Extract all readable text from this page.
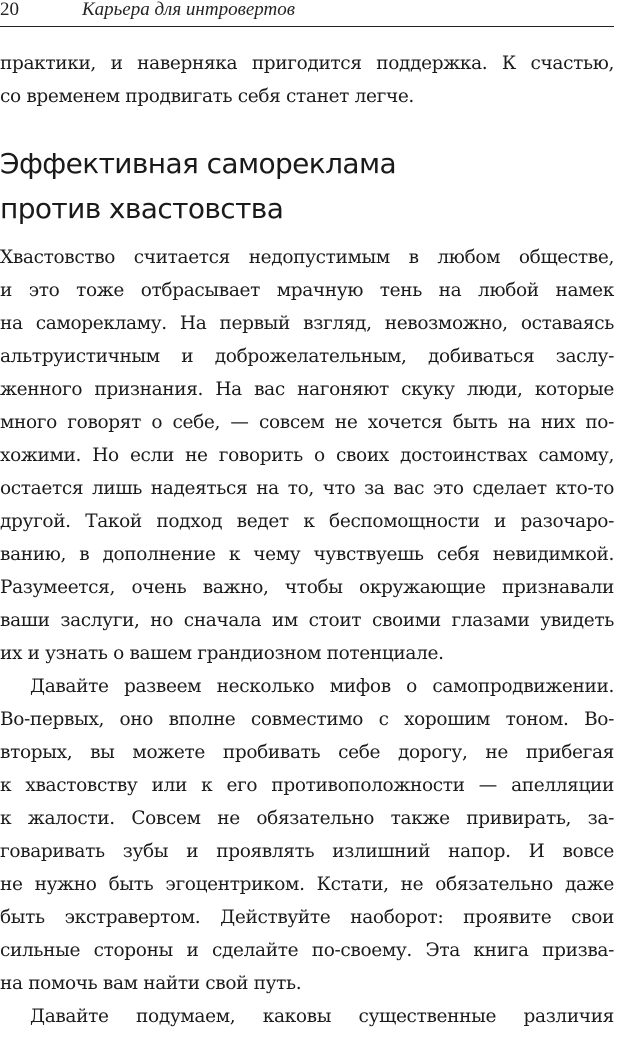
20	Карьера для интровертов
практики, и наверняка пригодится поддержка. К счастью,
со временем продвигать себя станет легче.
Эффективная самореклама
против хвастовства
Хвастовство считается недопустимым в любом обществе,
и это тоже отбрасывает мрачную тень на любой намек
на саморекламу. На первый взгляд, невозможно, оставаясь
альтруистичным и доброжелательным, добиваться заслу-
женного признания. На вас нагоняют скуку люди, которые
много говорят о себе, — совсем не хочется быть на них по-
хожими. Но если не говорить о своих достоинствах самому,
остается лишь надеяться на то, что за вас это сделает кто-то
другой. Такой подход ведет к беспомощности и разочаро-
ванию, в дополнение к чему чувствуешь себя невидимкой.
Разумеется, очень важно, чтобы окружающие признавали
ваши заслуги, но сначала им стоит своими глазами увидеть
их и узнать о вашем грандиозном потенциале.
Давайте развеем несколько мифов о самопродвижении.
Во-первых, оно вполне совместимо с хорошим тоном. Во-
вторых, вы можете пробивать себе дорогу, не прибегая
к хвастовству или к его противоположности — апелляции
к жалости. Совсем не обязательно также привирать, за-
говаривать зубы и проявлять излишний напор. И вовсе
не нужно быть эгоцентриком. Кстати, не обязательно даже
быть экстравертом. Действуйте наоборот: проявите свои
сильные стороны и сделайте по-своему. Эта книга призва-
на помочь вам найти свой путь.
Давайте подумаем, каковы существенные различия
